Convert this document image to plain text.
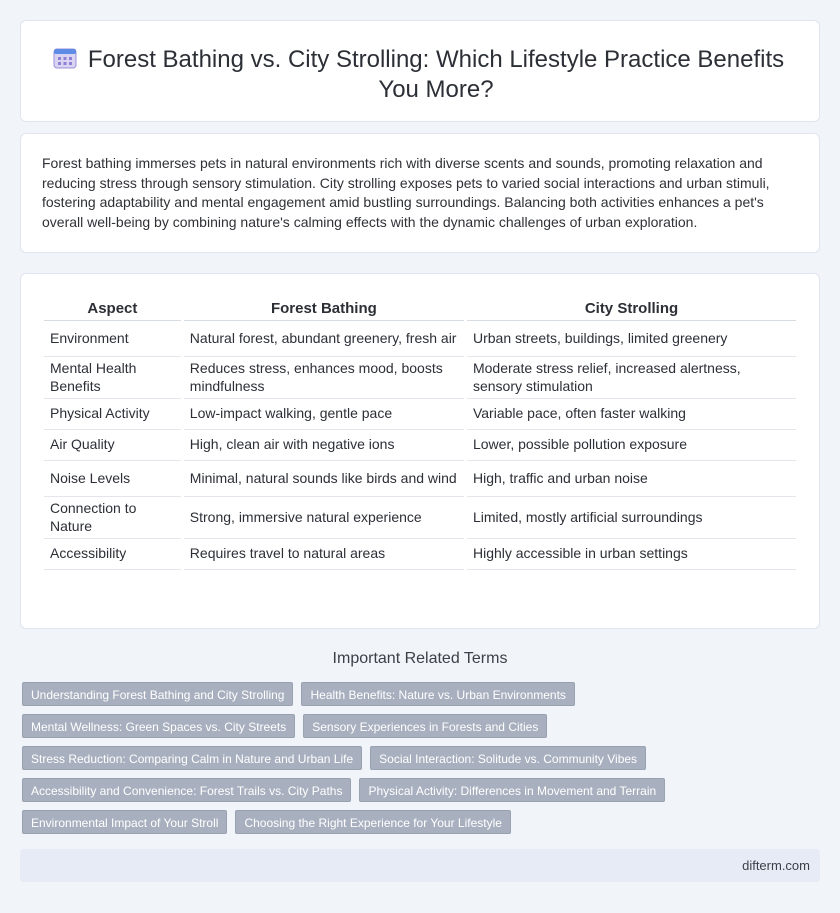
Forest Bathing vs. City Strolling: Which Lifestyle Practice Benefits You More?

Forest bathing immerses pets in natural environments rich with diverse scents and sounds, promoting relaxation and reducing stress through sensory stimulation. City strolling exposes pets to varied social interactions and urban stimuli, fostering adaptability and mental engagement amid bustling surroundings. Balancing both activities enhances a pet's overall well-being by combining nature's calming effects with the dynamic challenges of urban exploration.

Aspect	Forest Bathing	City Strolling
Environment	Natural forest, abundant greenery, fresh air	Urban streets, buildings, limited greenery
Mental Health Benefits	Reduces stress, enhances mood, boosts mindfulness	Moderate stress relief, increased alertness, sensory stimulation
Physical Activity	Low-impact walking, gentle pace	Variable pace, often faster walking
Air Quality	High, clean air with negative ions	Lower, possible pollution exposure
Noise Levels	Minimal, natural sounds like birds and wind	High, traffic and urban noise
Connection to Nature	Strong, immersive natural experience	Limited, mostly artificial surroundings
Accessibility	Requires travel to natural areas	Highly accessible in urban settings
Important Related Terms
Understanding Forest Bathing and City Strolling	Health Benefits: Nature vs. Urban Environments
Mental Wellness: Green Spaces vs. City Streets	Sensory Experiences in Forests and Cities
Stress Reduction: Comparing Calm in Nature and Urban Life	Social Interaction: Solitude vs. Community Vibes
Accessibility and Convenience: Forest Trails vs. City Paths	Physical Activity: Differences in Movement and Terrain
Environmental Impact of Your Stroll	Choosing the Right Experience for Your Lifestyle
difterm.com
